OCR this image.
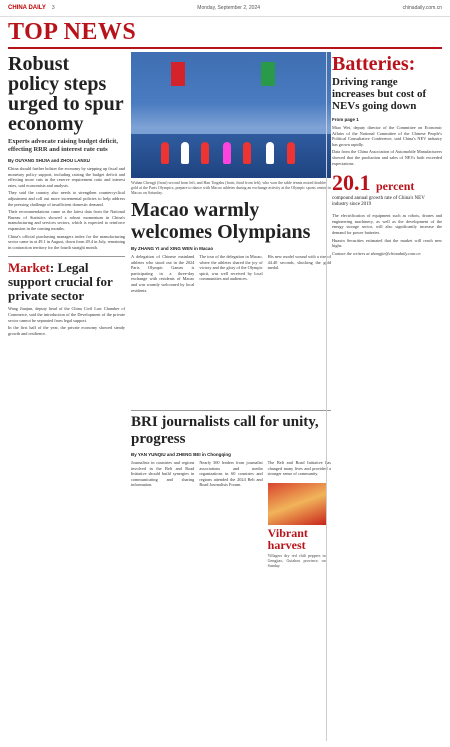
CHINA DAILY 3	Monday, September 2, 2024	chinadaily.com.cn
TOP NEWS
Robust policy steps urged to spur economy
Experts advocate raising budget deficit, effecting RRR and interest rate cuts
By OUYANG SHIJIA and ZHOU LANXU

China should further bolster the economy by stepping up fiscal and monetary policy support, including raising the budget deficit and effecting more cuts in the reserve requirement ratio and interest rates, said economists and analysts.

They said the country also needs to strengthen countercyclical adjustment and roll out more incremental policies to help address the pressing challenge of insufficient domestic demand.

Their recommendations came as the latest data from the National Bureau of Statistics showed a robust momentum in China's manufacturing and services sectors, which is expected to reinforce expansion in the coming months.

China's official purchasing managers index for the manufacturing sector came in at 49.1 in August, down from 49.4 in July, remaining in contraction territory for the fourth straight month.

Market: Legal support crucial for private sector

Wang Jianjun, deputy head of the China Civil Law Chamber of Commerce, said the introduction of the Development of the private sector cannot be separated from legal support.

In the first half of the year, the private economy showed steady growth and resilience.

Wuhan Chengji (front) second from left, and Han Tingzhu (front, third from left), who won the table tennis mixed doubles gold at the Paris Olympics, prepare to dance with Macao athletes during an exchange activity at the Olympic sports center in Macao on Saturday.
Macao warmly welcomes Olympians
By ZHANG YI and XING WEN in Macao
A delegation of Chinese mainland athletes who stood out in the 2024 Paris Olympic Games is participating in a three-day exchange with residents of Macao and was warmly welcomed by local residents.
The tour of the delegation in Macao, where the athletes shared the joy of victory and the glory of the Olympic spirit, was well received by local communities and audiences.
His new model wound with a rise of 44.40 seconds, shocking the gold medal.
BRI journalists call for unity, progress
By YAN YUNQIU and ZHENG BEI in Chongqing
Journalists in countries and regions involved in the Belt and Road Initiative should build synergies in communicating and sharing information.
Nearly 300 leaders from journalist associations and media organizations in 60 countries and regions attended the 2024 Belt and Road Journalists Forum.
The Belt and Road Initiative has changed many lives and provided a stronger sense of community.
Vibrant harvest
Villagers dry red chili peppers in Gengjiao, Guizhou province, on Sunday.
Batteries:
Driving range increases but cost of NEVs going down
From page 1

Miao Wei, deputy director of the Committee on Economic Affairs of the National Committee of the Chinese People's Political Consultative Conference, said China's NEV industry has grown rapidly.

Data from the China Association of Automobile Manufacturers showed that the production and sales of NEVs both exceeded expectations.

20.1 percent
compound annual growth rate of China's NEV industry since 2019

The electrification of equipment such as robots, drones and engineering machinery, as well as the development of the energy storage sector, will also significantly increase the demand for power batteries.

Huaxin Securities estimated that the market will reach new highs.

Contact the writers at zhangjie@chinadaily.com.cn
